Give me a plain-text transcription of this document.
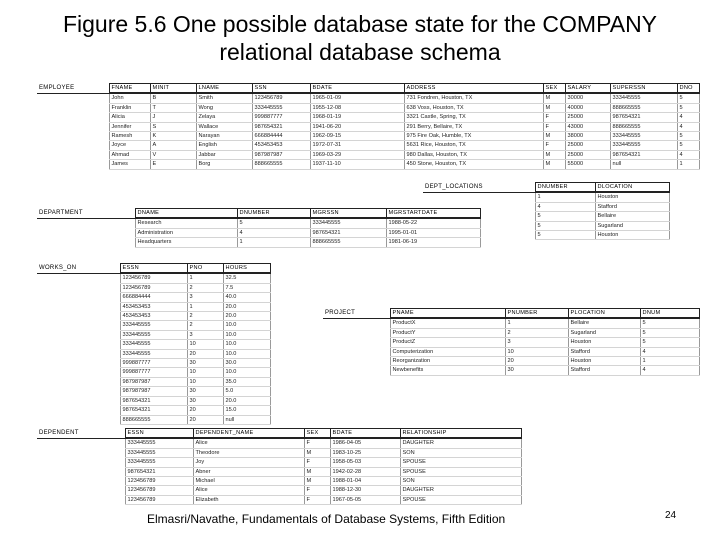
Figure 5.6 One possible database state for the COMPANY
relational database schema
EMPLOYEE	FNAME	MINIT	LNAME	SSN	BDATE	ADDRESS	SEX	SALARY	SUPERSSN	DNO
	John	B	Smith	123456789	1965-01-09	731 Fondren, Houston, TX	M	30000	333445555	5
	Franklin	T	Wong	333445555	1955-12-08	638 Voss, Houston, TX	M	40000	888665555	5
	Alicia	J	Zelaya	999887777	1968-01-19	3321 Castle, Spring, TX	F	25000	987654321	4
	Jennifer	S	Wallace	987654321	1941-06-20	291 Berry, Bellaire, TX	F	43000	888665555	4
	Ramesh	K	Narayan	666884444	1962-09-15	975 Fire Oak, Humble, TX	M	38000	333445555	5
	Joyce	A	English	453453453	1972-07-31	5631 Rice, Houston, TX	F	25000	333445555	5
	Ahmad	V	Jabbar	987987987	1969-03-29	980 Dallas, Houston, TX	M	25000	987654321	4
	James	E	Borg	888665555	1937-11-10	450 Stone, Houston, TX	M	55000	null	1
DEPT_LOCATIONS	DNUMBER	DLOCATION
	1	Houston
	4	Stafford
	5	Bellaire
	5	Sugarland
	5	Houston
DEPARTMENT	DNAME	DNUMBER	MGRSSN	MGRSTARTDATE
	Research	5	333445555	1988-05-22
	Administration	4	987654321	1995-01-01
	Headquarters	1	888665555	1981-06-19
WORKS_ON	ESSN	PNO	HOURS
	123456789	1	32.5
	123456789	2	7.5
	666884444	3	40.0
	453453453	1	20.0
	453453453	2	20.0
	333445555	2	10.0
	333445555	3	10.0
	333445555	10	10.0
	333445555	20	10.0
	999887777	30	30.0
	999887777	10	10.0
	987987987	10	35.0
	987987987	30	5.0
	987654321	30	20.0
	987654321	20	15.0
	888665555	20	null
PROJECT	PNAME	PNUMBER	PLOCATION	DNUM
	ProductX	1	Bellaire	5
	ProductY	2	Sugarland	5
	ProductZ	3	Houston	5
	Computerization	10	Stafford	4
	Reorganization	20	Houston	1
	Newbenefits	30	Stafford	4
DEPENDENT	ESSN	DEPENDENT_NAME	SEX	BDATE	RELATIONSHIP
	333445555	Alice	F	1986-04-05	DAUGHTER
	333445555	Theodore	M	1983-10-25	SON
	333445555	Joy	F	1958-05-03	SPOUSE
	987654321	Abner	M	1942-02-28	SPOUSE
	123456789	Michael	M	1988-01-04	SON
	123456789	Alice	F	1988-12-30	DAUGHTER
	123456789	Elizabeth	F	1967-05-05	SPOUSE
Elmasri/Navathe, Fundamentals of Database Systems, Fifth Edition	24
